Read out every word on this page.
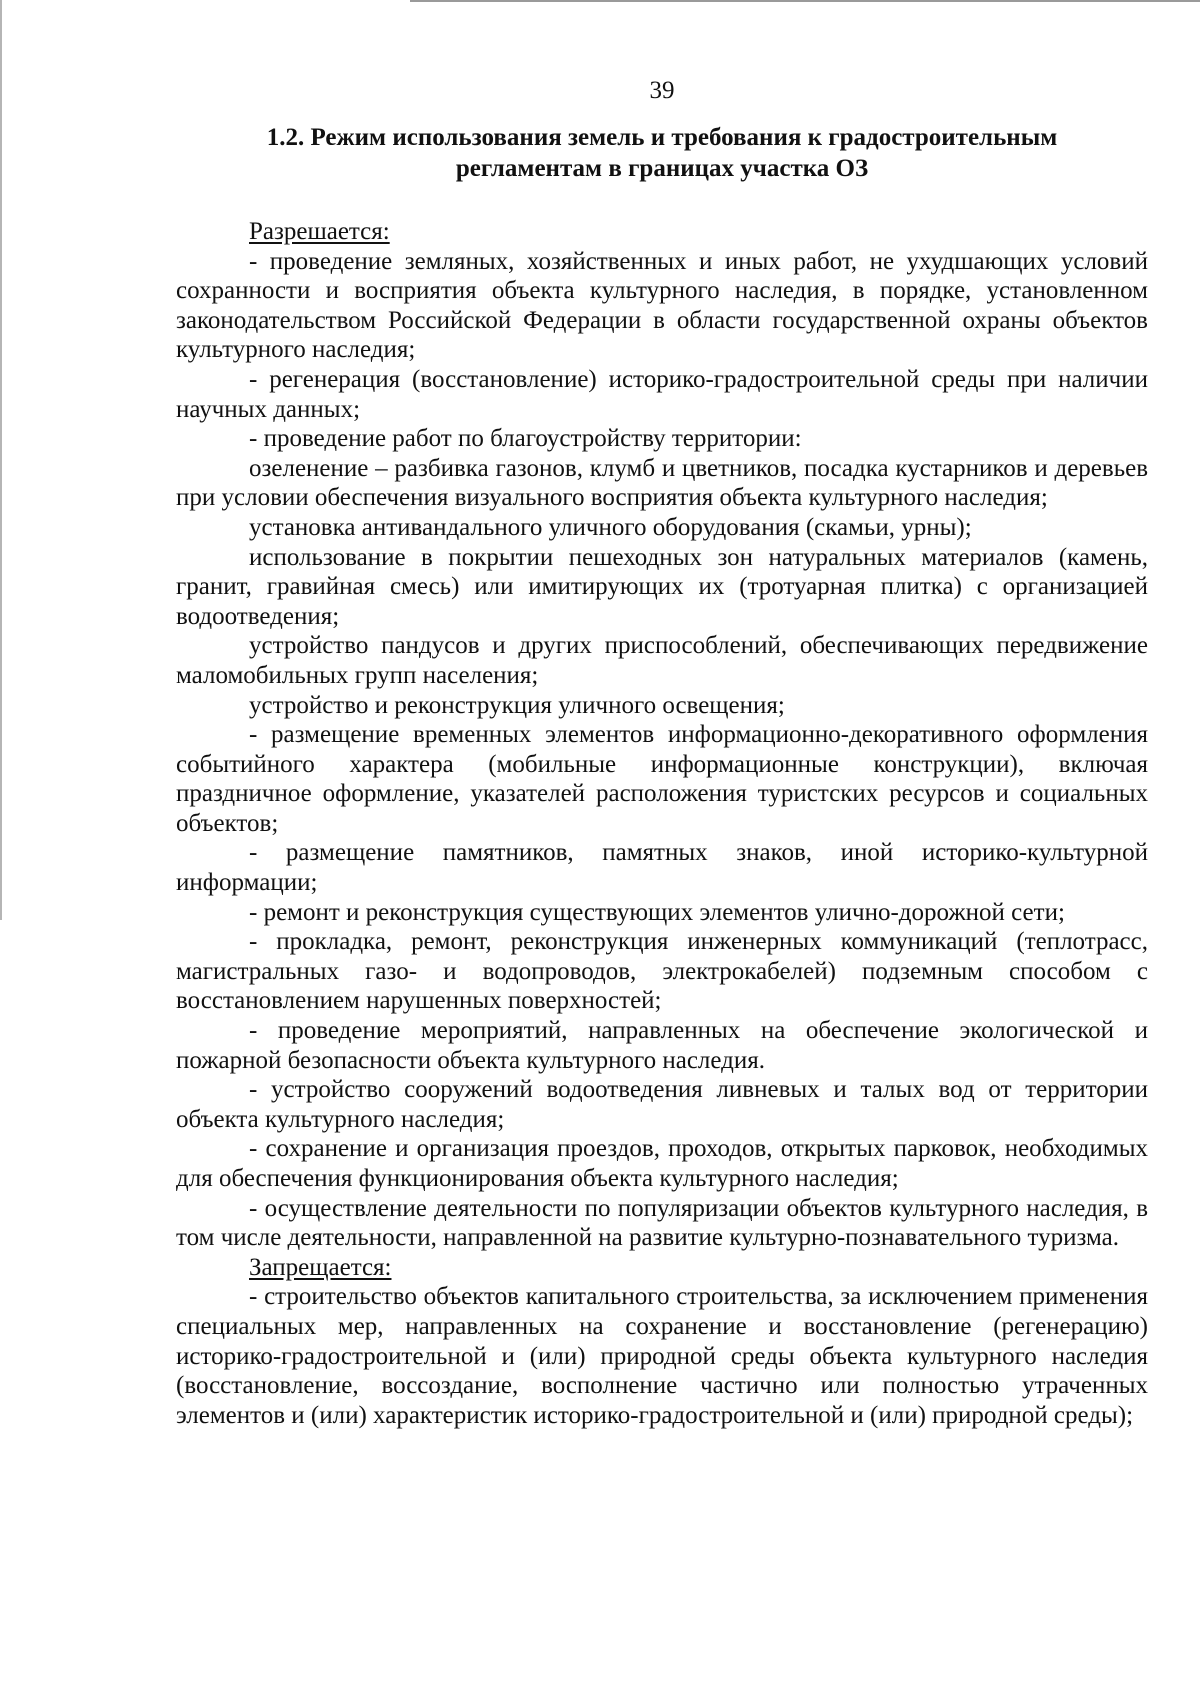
39
1.2. Режим использования земель и требования к градостроительным
регламентам в границах участка ОЗ

Разрешается:

- проведение земляных, хозяйственных и иных работ, не ухудшающих условий сохранности и восприятия объекта культурного наследия, в порядке, установленном законодательством Российской Федерации в области государственной охраны объектов культурного наследия;

- регенерация (восстановление) историко-градостроительной среды при наличии научных данных;

- проведение работ по благоустройству территории:

озеленение – разбивка газонов, клумб и цветников, посадка кустарников и деревьев при условии обеспечения визуального восприятия объекта культурного наследия;

установка антивандального уличного оборудования (скамьи, урны);

использование в покрытии пешеходных зон натуральных материалов (камень, гранит, гравийная смесь) или имитирующих их (тротуарная плитка) с организацией водоотведения;

устройство пандусов и других приспособлений, обеспечивающих передвижение маломобильных групп населения;

устройство и реконструкция уличного освещения;

- размещение временных элементов информационно-декоративного оформления событийного характера (мобильные информационные конструкции), включая праздничное оформление, указателей расположения туристских ресурсов и социальных объектов;

- размещение памятников, памятных знаков, иной историко-культурной информации;

- ремонт и реконструкция существующих элементов улично-дорожной сети;

- прокладка, ремонт, реконструкция инженерных коммуникаций (теплотрасс, магистральных газо- и водопроводов, электрокабелей) подземным способом с восстановлением нарушенных поверхностей;

- проведение мероприятий, направленных на обеспечение экологической и пожарной безопасности объекта культурного наследия.

- устройство сооружений водоотведения ливневых и талых вод от территории объекта культурного наследия;

- сохранение и организация проездов, проходов, открытых парковок, необходимых для обеспечения функционирования объекта культурного наследия;

- осуществление деятельности по популяризации объектов культурного наследия, в том числе деятельности, направленной на развитие культурно-познавательного туризма.

Запрещается:

- строительство объектов капитального строительства, за исключением применения специальных мер, направленных на сохранение и восстановление (регенерацию) историко-градостроительной и (или) природной среды объекта культурного наследия (восстановление, воссоздание, восполнение частично или полностью утраченных элементов и (или) характеристик историко-градостроительной и (или) природной среды);
